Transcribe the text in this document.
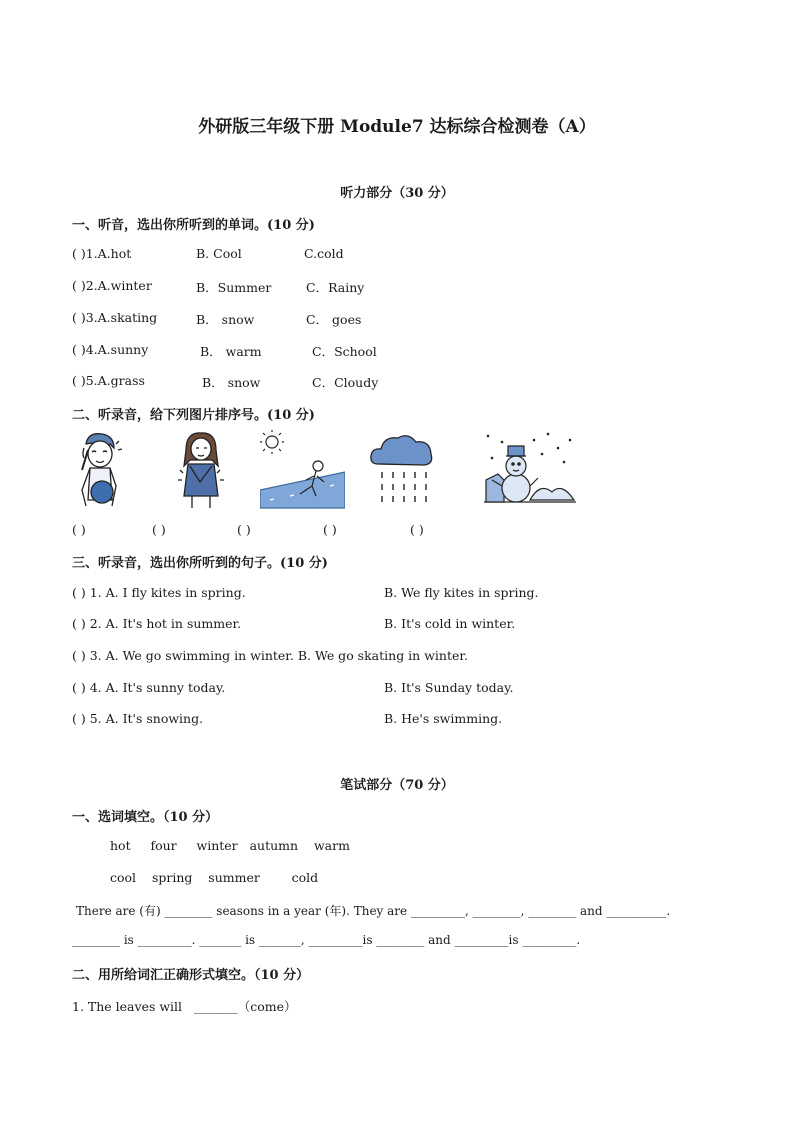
外研版三年级下册 Module7 达标综合检测卷（A）
听力部分（30 分）
一、听音，选出你所听到的单词。(10 分)
( )1.A.hot	B. Cool	C.cold
( )2.A.winter	B．Summer	C．Rainy
( )3.A.skating	B． snow	C． goes
( )4.A.sunny	B． warm	C．School
( )5.A.grass	B． snow	C．Cloudy
二、听录音，给下列图片排序号。(10 分)
( )	( )	( )	( )	( )
三、听录音，选出你所听到的句子。(10 分)
( ) 1. A. I fly kites in spring.	B. We fly kites in spring.
( ) 2. A. It's hot in summer.	B. It's cold in winter.
( ) 3. A. We go swimming in winter. B. We go skating in winter.
( ) 4. A. It's sunny today.	B. It's Sunday today.
( ) 5. A. It's snowing.	B. He's swimming.
笔试部分（70 分）
一、选词填空。（10 分）
hot     four     winter   autumn    warm
cool    spring    summer        cold
There are (有) ________ seasons in a year (年). They are _________, ________, ________ and __________.
________ is _________. _______ is _______, _________is ________ and _________is _________.
二、用所给词汇正确形式填空。（10 分）
1. The leaves will   _______（come）
